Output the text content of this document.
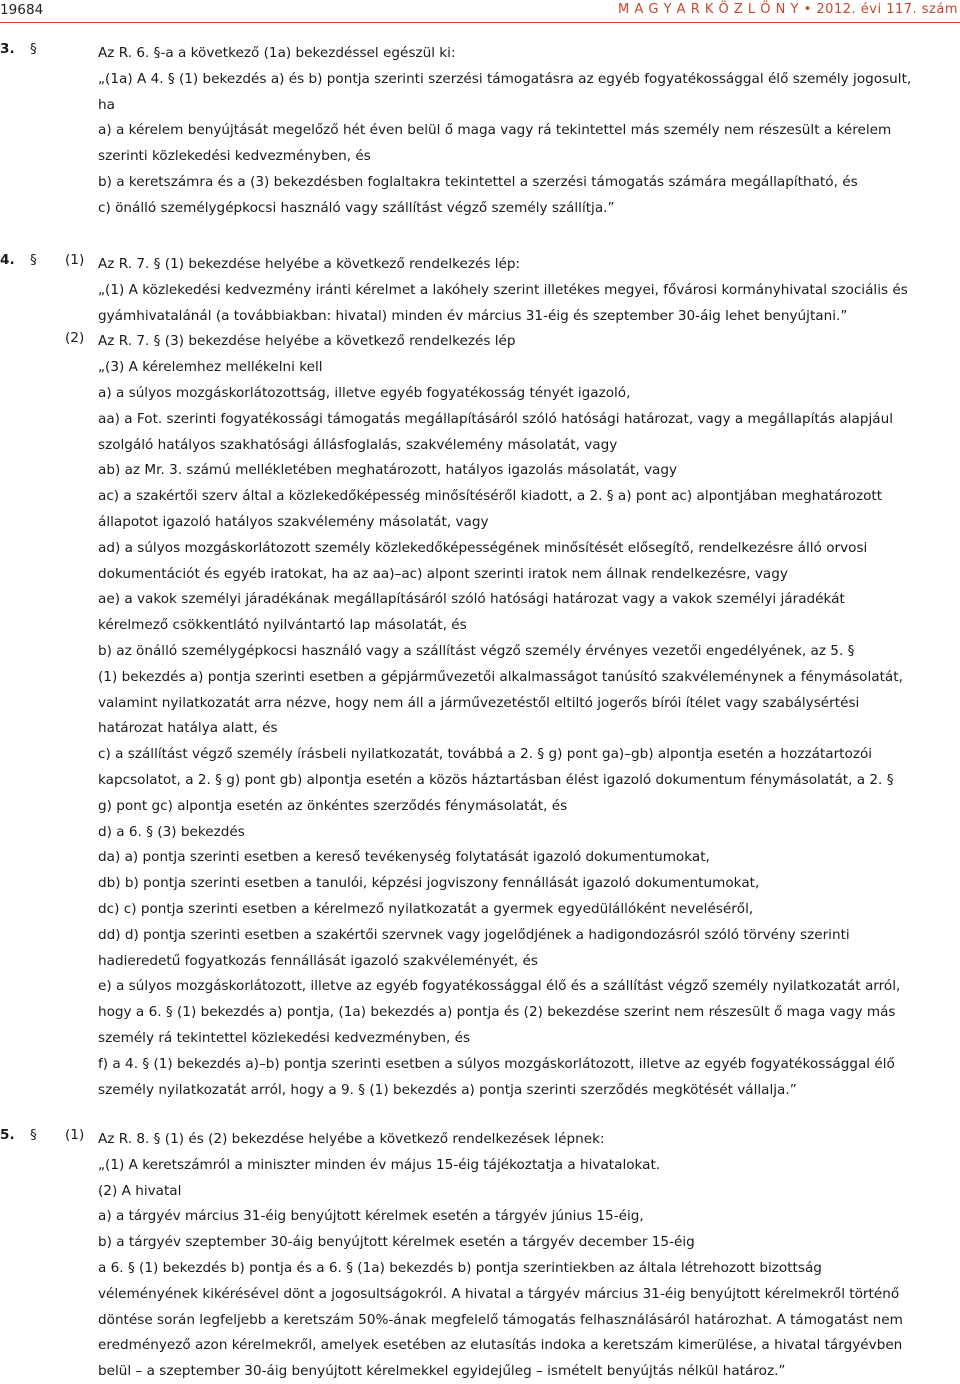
19684	M A G Y A R K Ö Z L Ö N Y • 2012. évi 117. szám
3. §	Az R. 6. §-a a következő (1a) bekezdéssel egészül ki:
„(1a) A 4. § (1) bekezdés a) és b) pontja szerinti szerzési támogatásra az egyéb fogyatékossággal élő személy jogosult,
ha
a) a kérelem benyújtását megelőző hét éven belül ő maga vagy rá tekintettel más személy nem részesült a kérelem
szerinti közlekedési kedvezményben, és
b) a keretszámra és a (3) bekezdésben foglaltakra tekintettel a szerzési támogatás számára megállapítható, és
c) önálló személygépkocsi használó vagy szállítást végző személy szállítja.”
4. § (1)
(2)
Az R. 7. § (1) bekezdése helyébe a következő rendelkezés lép:
„(1) A közlekedési kedvezmény iránti kérelmet a lakóhely szerint illetékes megyei, fővárosi kormányhivatal szociális és
gyámhivatalánál (a továbbiakban: hivatal) minden év március 31-éig és szeptember 30-áig lehet benyújtani.”
Az R. 7. § (3) bekezdése helyébe a következő rendelkezés lép
„(3) A kérelemhez mellékelni kell
a) a súlyos mozgáskorlátozottság, illetve egyéb fogyatékosság tényét igazoló,
aa) a Fot. szerinti fogyatékossági támogatás megállapításáról szóló hatósági határozat, vagy a megállapítás alapjául
szolgáló hatályos szakhatósági állásfoglalás, szakvélemény másolatát, vagy
ab) az Mr. 3. számú mellékletében meghatározott, hatályos igazolás másolatát, vagy
ac) a szakértői szerv által a közlekedőképesség minősítéséről kiadott, a 2. § a) pont ac) alpontjában meghatározott
állapotot igazoló hatályos szakvélemény másolatát, vagy
ad) a súlyos mozgáskorlátozott személy közlekedőképességének minősítését elősegítő, rendelkezésre álló orvosi
dokumentációt és egyéb iratokat, ha az aa)–ac) alpont szerinti iratok nem állnak rendelkezésre, vagy
ae) a vakok személyi járadékának megállapításáról szóló hatósági határozat vagy a vakok személyi járadékát
kérelmező csökkentlátó nyilvántartó lap másolatát, és
b) az önálló személygépkocsi használó vagy a szállítást végző személy érvényes vezetői engedélyének, az 5. §
(1) bekezdés a) pontja szerinti esetben a gépjárművezetői alkalmasságot tanúsító szakvéleménynek a fénymásolatát,
valamint nyilatkozatát arra nézve, hogy nem áll a járművezetéstől eltiltó jogerős bírói ítélet vagy szabálysértési
határozat hatálya alatt, és
c) a szállítást végző személy írásbeli nyilatkozatát, továbbá a 2. § g) pont ga)–gb) alpontja esetén a hozzátartozói
kapcsolatot, a 2. § g) pont gb) alpontja esetén a közös háztartásban élést igazoló dokumentum fénymásolatát, a 2. §
g) pont gc) alpontja esetén az önkéntes szerződés fénymásolatát, és
d) a 6. § (3) bekezdés
da) a) pontja szerinti esetben a kereső tevékenység folytatását igazoló dokumentumokat,
db) b) pontja szerinti esetben a tanulói, képzési jogviszony fennállását igazoló dokumentumokat,
dc) c) pontja szerinti esetben a kérelmező nyilatkozatát a gyermek egyedülállóként neveléséről,
dd) d) pontja szerinti esetben a szakértői szervnek vagy jogelődjének a hadigondozásról szóló törvény szerinti
hadieredetű fogyatkozás fennállását igazoló szakvéleményét, és
e) a súlyos mozgáskorlátozott, illetve az egyéb fogyatékossággal élő és a szállítást végző személy nyilatkozatát arról,
hogy a 6. § (1) bekezdés a) pontja, (1a) bekezdés a) pontja és (2) bekezdése szerint nem részesült ő maga vagy más
személy rá tekintettel közlekedési kedvezményben, és
f) a 4. § (1) bekezdés a)–b) pontja szerinti esetben a súlyos mozgáskorlátozott, illetve az egyéb fogyatékossággal élő
személy nyilatkozatát arról, hogy a 9. § (1) bekezdés a) pontja szerinti szerződés megkötését vállalja.”
5. § (1) Az R. 8. § (1) és (2) bekezdése helyébe a következő rendelkezések lépnek:
„(1) A keretszámról a miniszter minden év május 15-éig tájékoztatja a hivatalokat.
(2) A hivatal
a) a tárgyév március 31-éig benyújtott kérelmek esetén a tárgyév június 15-éig,
b) a tárgyév szeptember 30-áig benyújtott kérelmek esetén a tárgyév december 15-éig
a 6. § (1) bekezdés b) pontja és a 6. § (1a) bekezdés b) pontja szerintiekben az általa létrehozott bizottság
véleményének kikérésével dönt a jogosultságokról. A hivatal a tárgyév március 31-éig benyújtott kérelmekről történő
döntése során legfeljebb a keretszám 50%-ának megfelelő támogatás felhasználásáról határozhat. A támogatást nem
eredményező azon kérelmekről, amelyek esetében az elutasítás indoka a keretszám kimerülése, a hivatal tárgyévben
belül – a szeptember 30-áig benyújtott kérelmekkel egyidejűleg – ismételt benyújtás nélkül határoz.”
